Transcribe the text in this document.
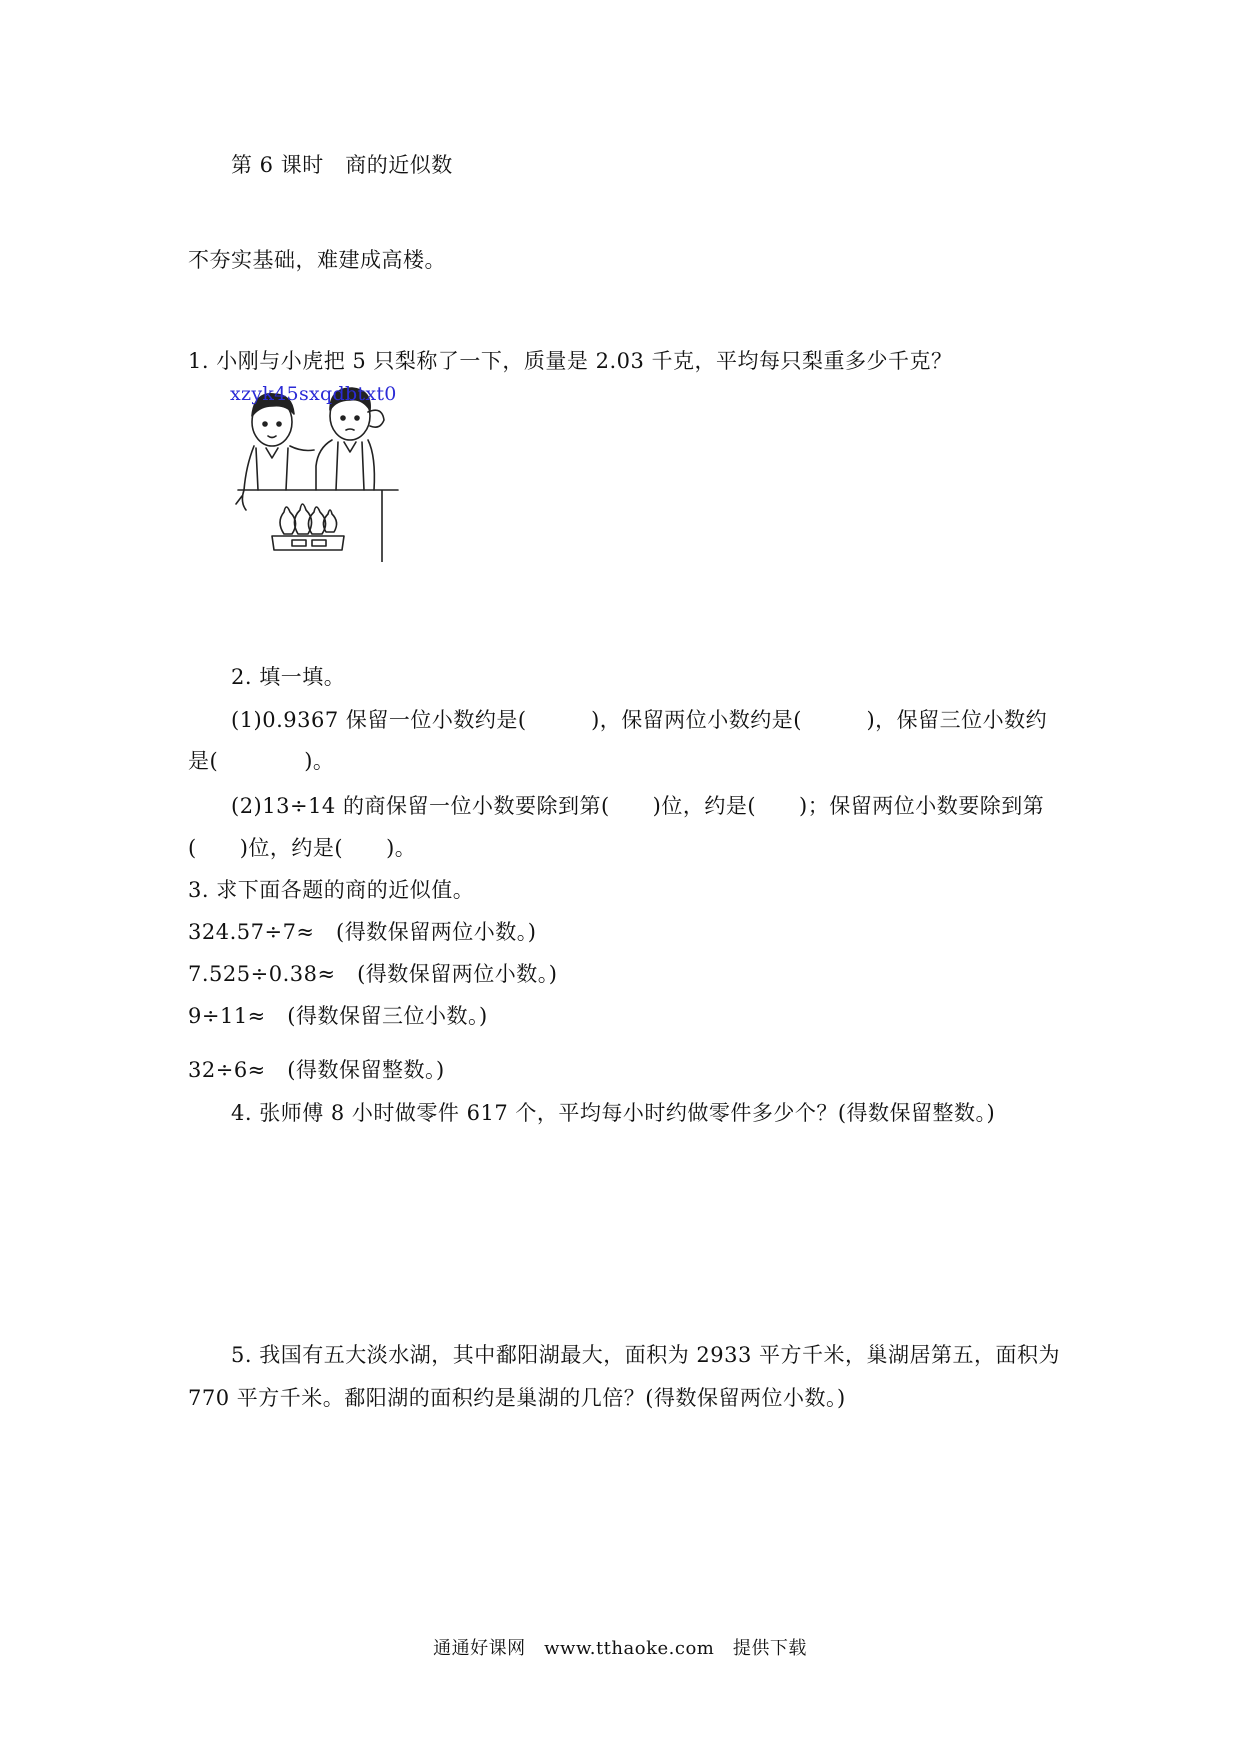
第 6 课时　商的近似数
不夯实基础，难建成高楼。
1. 小刚与小虎把 5 只梨称了一下，质量是 2.03 千克，平均每只梨重多少千克？
xzyk45sxqdbtxt0
2. 填一填。
(1)0.9367 保留一位小数约是(　　　)，保留两位小数约是(　　　)，保留三位小数约
是(　　　　)。
(2)13÷14 的商保留一位小数要除到第(　　)位，约是(　　)；保留两位小数要除到第
(　　)位，约是(　　)。
3. 求下面各题的商的近似值。
324.57÷7≈　(得数保留两位小数。)
7.525÷0.38≈　(得数保留两位小数。)
9÷11≈　(得数保留三位小数。)
32÷6≈　(得数保留整数。)
4. 张师傅 8 小时做零件 617 个，平均每小时约做零件多少个？(得数保留整数。)
5. 我国有五大淡水湖，其中鄱阳湖最大，面积为 2933 平方千米，巢湖居第五，面积为
770 平方千米。鄱阳湖的面积约是巢湖的几倍？(得数保留两位小数。)
通通好课网　www.tthaoke.com　提供下载
